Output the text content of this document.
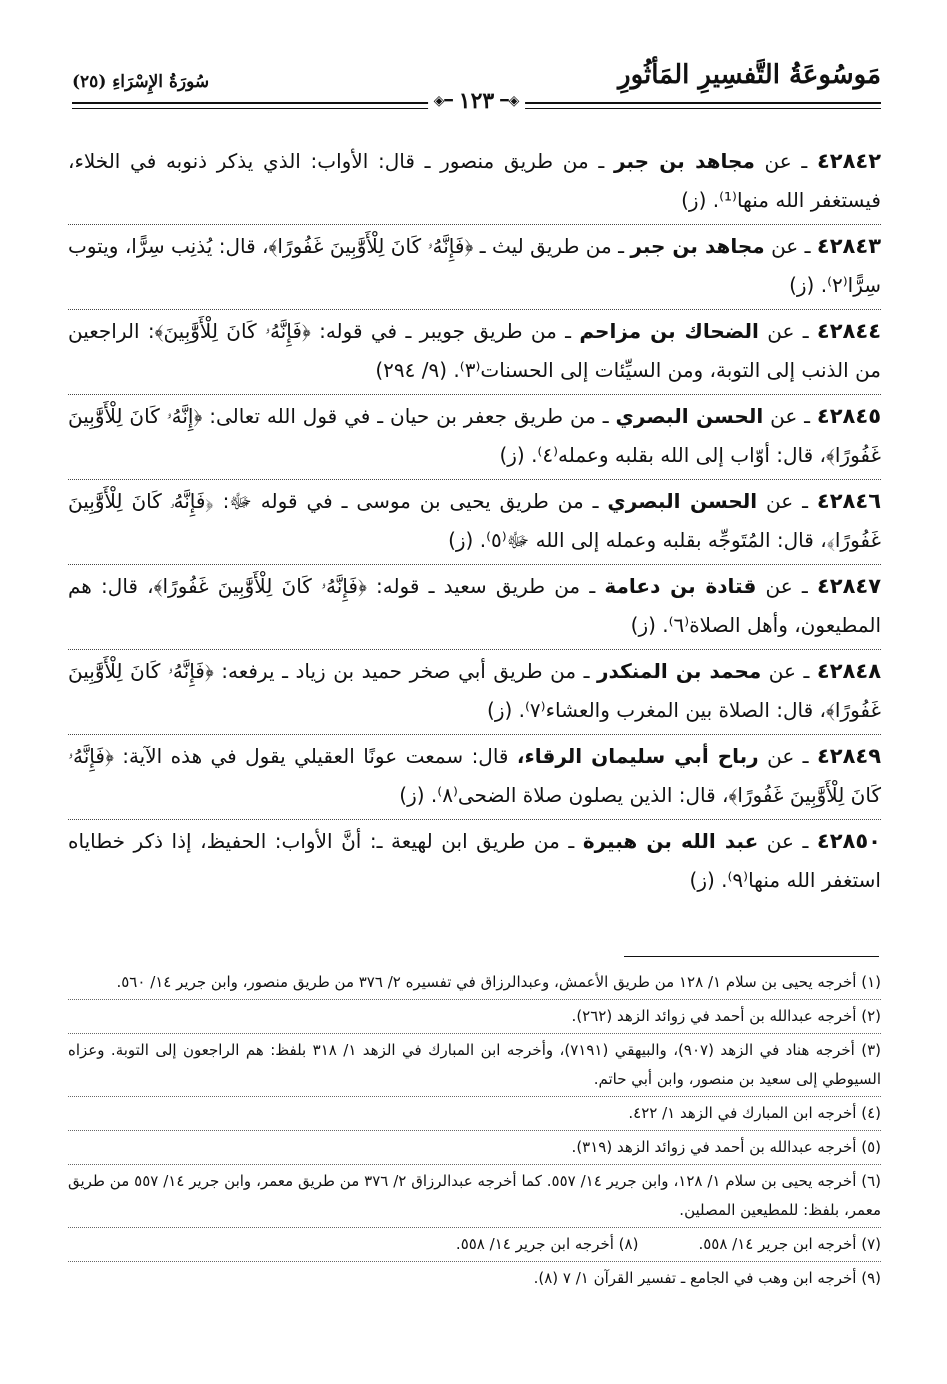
مَوسُوعَةُ التَّفسِيرِ المَأثُورِ
سُورَةُ الإِسْرَاءِ (٢٥)
◈━
١٢٣
━◈
٤٢٨٤٢ ـ عن مجاهد بن جبر ـ من طريق منصور ـ قال: الأواب: الذي يذكر ذنوبه في الخلاء، فيستغفر الله منها⁽¹⁾. (ز)
٤٢٨٤٣ ـ عن مجاهد بن جبر ـ من طريق ليث ـ ﴿فَإِنَّهُۥ كَانَ لِلْأَوَّٰبِينَ غَفُورًا﴾، قال: يُذنِب سِرًّا، ويتوب سِرًّا⁽٢⁾. (ز)
٤٢٨٤٤ ـ عن الضحاك بن مزاحم ـ من طريق جويبر ـ في قوله: ﴿فَإِنَّهُۥ كَانَ لِلْأَوَّٰبِينَ﴾: الراجعين من الذنب إلى التوبة، ومن السيِّئات إلى الحسنات⁽٣⁾. (٩/ ٢٩٤)
٤٢٨٤٥ ـ عن الحسن البصري ـ من طريق جعفر بن حيان ـ في قول الله تعالى: ﴿إِنَّهُۥ كَانَ لِلْأَوَّٰبِينَ غَفُورًا﴾، قال: أوّاب إلى الله بقلبه وعمله⁽٤⁾. (ز)
٤٢٨٤٦ ـ عن الحسن البصري ـ من طريق يحيى بن موسى ـ في قوله ﷻ: ﴿فَإِنَّهُۥ كَانَ لِلْأَوَّٰبِينَ غَفُورًا﴾، قال: المُتَوجِّه بقلبه وعمله إلى الله ﷻ⁽٥⁾. (ز)
٤٢٨٤٧ ـ عن قتادة بن دعامة ـ من طريق سعيد ـ قوله: ﴿فَإِنَّهُۥ كَانَ لِلْأَوَّٰبِينَ غَفُورًا﴾، قال: هم المطيعون، وأهل الصلاة⁽٦⁾. (ز)
٤٢٨٤٨ ـ عن محمد بن المنكدر ـ من طريق أبي صخر حميد بن زياد ـ يرفعه: ﴿فَإِنَّهُۥ كَانَ لِلْأَوَّٰبِينَ غَفُورًا﴾، قال: الصلاة بين المغرب والعشاء⁽٧⁾. (ز)
٤٢٨٤٩ ـ عن رباح أبي سليمان الرقاء، قال: سمعت عونًا العقيلي يقول في هذه الآية: ﴿فَإِنَّهُۥ كَانَ لِلْأَوَّٰبِينَ غَفُورًا﴾، قال: الذين يصلون صلاة الضحى⁽٨⁾. (ز)
٤٢٨٥٠ ـ عن عبد الله بن هبيرة ـ من طريق ابن لهيعة ـ: أنَّ الأواب: الحفيظ، إذا ذكر خطاياه استغفر الله منها⁽٩⁾. (ز)
(١) أخرجه يحيى بن سلام ١/ ١٢٨ من طريق الأعمش، وعبدالرزاق في تفسيره ٢/ ٣٧٦ من طريق منصور، وابن جرير ١٤/ ٥٦٠.
(٢) أخرجه عبدالله بن أحمد في زوائد الزهد (٢٦٢).
(٣) أخرجه هناد في الزهد (٩٠٧)، والبيهقي (٧١٩١)، وأخرجه ابن المبارك في الزهد ١/ ٣١٨ بلفظ: هم الراجعون إلى التوبة. وعزاه السيوطي إلى سعيد بن منصور، وابن أبي حاتم.
(٤) أخرجه ابن المبارك في الزهد ١/ ٤٢٢.
(٥) أخرجه عبدالله بن أحمد في زوائد الزهد (٣١٩).
(٦) أخرجه يحيى بن سلام ١/ ١٢٨، وابن جرير ١٤/ ٥٥٧. كما أخرجه عبدالرزاق ٢/ ٣٧٦ من طريق معمر، وابن جرير ١٤/ ٥٥٧ من طريق معمر، بلفظ: للمطيعين المصلين.
(٧) أخرجه ابن جرير ١٤/ ٥٥٨.
(٨) أخرجه ابن جرير ١٤/ ٥٥٨.
(٩) أخرجه ابن وهب في الجامع ـ تفسير القرآن ١/ ٧ (٨).
